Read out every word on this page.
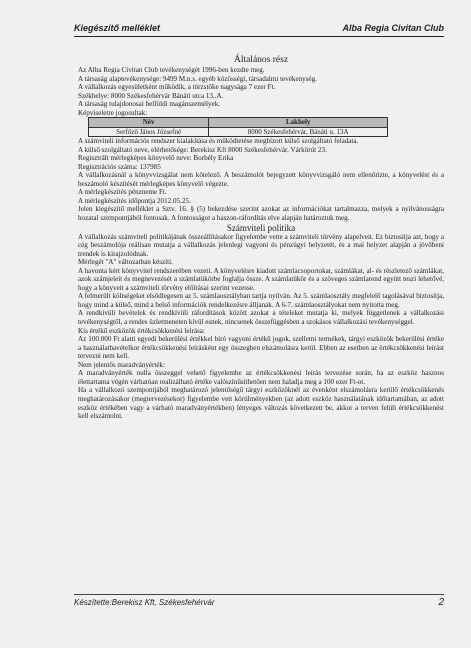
Kiegészítő melléklet	Alba Regia Civitan Club

Általános rész

Az Alba Regia Civitan Club tevékenységét 1996-ben kezdte meg.

A társaság alaptevékenysége: 9499 M.n.s. egyéb közösségi, társadalmi tevékenység.

A vállalkozás egyesületként működik, a törzstőke nagysága 7 ezer Ft.

Székhelye: 8000 Székesfehérvár Bánáti utca 13..A.

A társaság tulajdonosai belföldi magánszemélyek.

Képviseletre jogosultak:

Név	Lakhely
Serfőző János Józsefné	8000 Székesfehérvár, Bánáti u. 13A

A számviteli információs rendszer kialakítása és működtetése megbízott külső szolgáltató feladata.

A külső szolgáltató neve, elérhetősége: Berekisz Kft 8000 Székesfehérvár, Várkörút 23.

Regisztrált mérlegképes könyvelő neve: Borbély Erika

Regisztrációs száma: 137985

A vállalkozásnál a könyvvizsgálat nem kötelező. A beszámolót bejegyzett könyvvizsgáló nem ellenőrizte, a könyvelést és a beszámoló készítését mérlegképes könyvelő végezte.

A mérlegkészítés pénzneme Ft.

A mérlegkészítés időpontja 2012.05.25.

Jelen kiegészítő melléklet a Sztv. 16. § (5) bekezdése szerint azokat az információkat tartalmazza, melyek a nyilvánosságra hozatal szempontjából fontosak. A fontosságot a haszon-ráfordítás elve alapján határoztuk meg.

Számviteli politika

A vállalkozás számviteli politikájának összeállításakor figyelembe vette a számviteli törvény alapelveit. Ez biztosítja azt, hogy a cég beszámolója reálisan mutatja a vállalkozás jelenlegi vagyoni és pénzügyi helyzetét, és a mai helyzet alapján a jövőbeni trendek is kirajzolódnak.

Mérlegét "A" változatban készíti.

A havonta kért könyvvitel rendszerében vezeti. A könyvelésre kiadott számlacsoportokat, számlákat, al- és részletező számlákat, azok számjeleit és megnevezését a számlatükörbe foglalja össze. A számlatükör és a szöveges számlarend együtt teszi lehetővé, hogy a könyveit a számviteli törvény előírásai szerint vezesse.

A felmerült költségeket elsődlegesen az 5. számlaosztályban tartja nyilván. Az 5. számlaosztály megfelelő tagolásával biztosítja, hogy mind a külső, mind a belső információk rendelkezésre álljanak. A 6-7. számlaosztályokat nem nyitotta meg.

A rendkívüli bevételek és rendkívüli ráfordítások között azokat a tételeket mutatja ki, melyek függetlenek a vállalkozási tevékenységtől, a rendes üzletmeneten kívül esnek, nincsenek összefüggésben a szokásos vállalkozási tevékenységgel.

Kis értékű eszközök értékcsökkenési leírása:

Az 100.000 Ft alatti egyedi bekerülési értékkel bíró vagyoni értékű jogok, szellemi termékek, tárgyi eszközök bekerülési értéke a használatbavételkor értékcsökkenési leírásként egy összegben elszámolásra kerül. Ebben az esetben az értékcsökkenési leírást tervezni nem kell.

Nem jelentős maradványérték:

A maradványérték nulla összeggel vehető figyelembe az értékcsökkenési leírás tervezése során, ha az eszköz hasznos élettartama végén várhatóan realizálható értéke valószínűsíthetően nem haladja meg a 100 ezer Ft-ot.

Ha a vállalkozó szempontjából meghatározó jelentőségű tárgyi eszközöknél az évenként elszámolásra kerülő értékcsökkenés meghatározásakor (megtervezésekor) figyelembe vett körülményekben (az adott eszköz használatának időtartamában, az adott eszköz értékében vagy a várható maradványértékben) lényeges változás következett be, akkor a terven felüli értékcsökkenést kell elszámolni.

Készítette:Berekisz Kft, Székesfehérvár	2
